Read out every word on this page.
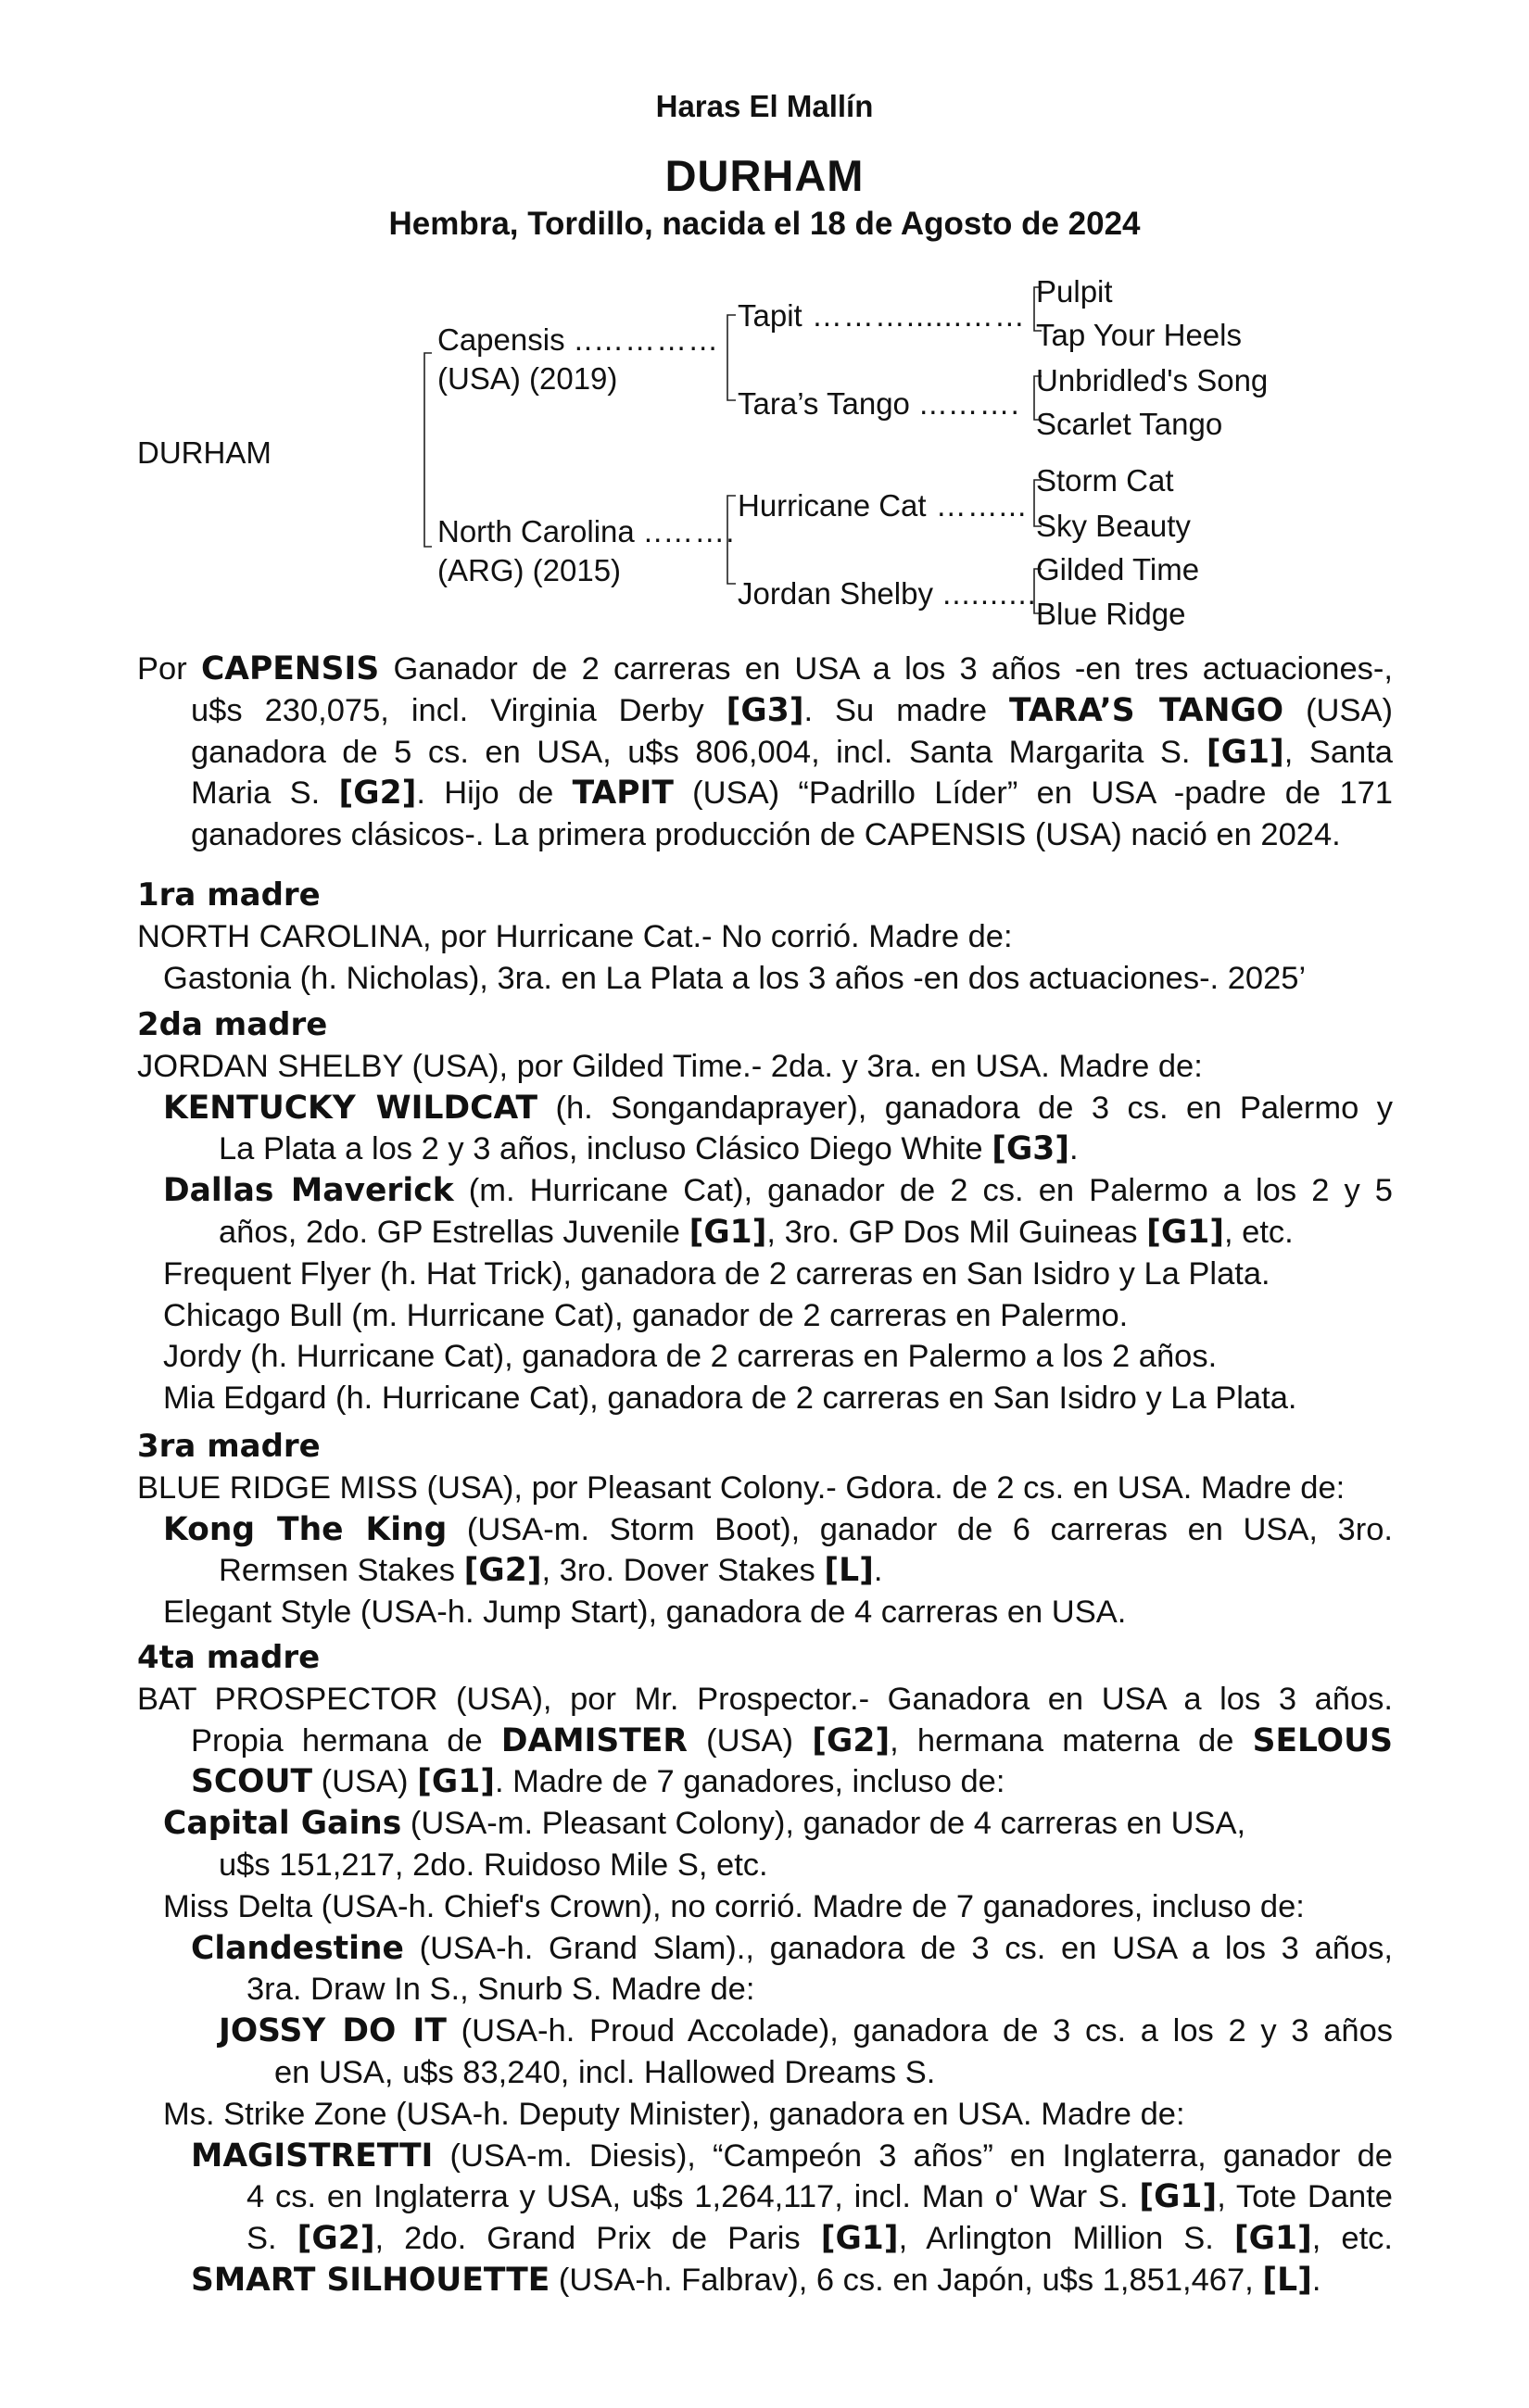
Haras El Mallín
DURHAM
Hembra, Tordillo, nacida el 18 de Agosto de 2024
DURHAM
Capensis ..…………
(USA) (2019)
North Carolina ..…….
(ARG) (2015)
Tapit ………......……
Tara’s Tango ...…….
Hurricane Cat ……...
Jordan Shelby ..........
Pulpit
Tap Your Heels
Unbridled's Song
Scarlet Tango
Storm Cat
Sky Beauty
Gilded Time
Blue Ridge

Por CAPENSIS Ganador de 2 carreras en USA a los 3 años -en tres actuaciones-,

u$s 230,075, incl. Virginia Derby [G3]. Su madre TARA’S TANGO (USA)

ganadora de 5 cs. en USA, u$s 806,004, incl. Santa Margarita S. [G1], Santa

Maria S. [G2]. Hijo de TAPIT (USA) “Padrillo Líder” en USA -padre de 171

ganadores clásicos-. La primera producción de CAPENSIS (USA) nació en 2024.

1ra madre

NORTH CAROLINA, por Hurricane Cat.- No corrió. Madre de:

Gastonia (h. Nicholas), 3ra. en La Plata a los 3 años -en dos actuaciones-. 2025’

2da madre

JORDAN SHELBY (USA), por Gilded Time.- 2da. y 3ra. en USA. Madre de:

KENTUCKY WILDCAT (h. Songandaprayer), ganadora de 3 cs. en Palermo y

La Plata a los 2 y 3 años, incluso Clásico Diego White [G3].

Dallas Maverick (m. Hurricane Cat), ganador de 2 cs. en Palermo a los 2 y 5

años, 2do. GP Estrellas Juvenile [G1], 3ro. GP Dos Mil Guineas [G1], etc.

Frequent Flyer (h. Hat Trick), ganadora de 2 carreras en San Isidro y La Plata.

Chicago Bull (m. Hurricane Cat), ganador de 2 carreras en Palermo.

Jordy (h. Hurricane Cat), ganadora de 2 carreras en Palermo a los 2 años.

Mia Edgard (h. Hurricane Cat), ganadora de 2 carreras en San Isidro y La Plata.

3ra madre

BLUE RIDGE MISS (USA), por Pleasant Colony.- Gdora. de 2 cs. en USA. Madre de:

Kong The King (USA-m. Storm Boot), ganador de 6 carreras en USA, 3ro.

Rermsen Stakes [G2], 3ro. Dover Stakes [L].

Elegant Style (USA-h. Jump Start), ganadora de 4 carreras en USA.

4ta madre

BAT PROSPECTOR (USA), por Mr. Prospector.- Ganadora en USA a los 3 años.

Propia hermana de DAMISTER (USA) [G2], hermana materna de SELOUS

SCOUT (USA) [G1]. Madre de 7 ganadores, incluso de:

Capital Gains (USA-m. Pleasant Colony), ganador de 4 carreras en USA,

u$s 151,217, 2do. Ruidoso Mile S, etc.

Miss Delta (USA-h. Chief's Crown), no corrió. Madre de 7 ganadores, incluso de:

Clandestine (USA-h. Grand Slam)., ganadora de 3 cs. en USA a los 3 años,

3ra. Draw In S., Snurb S. Madre de:

JOSSY DO IT (USA-h. Proud Accolade), ganadora de 3 cs. a los 2 y 3 años

en USA, u$s 83,240, incl. Hallowed Dreams S.

Ms. Strike Zone (USA-h. Deputy Minister), ganadora en USA. Madre de:

MAGISTRETTI (USA-m. Diesis), “Campeón 3 años” en Inglaterra, ganador de

4 cs. en Inglaterra y USA, u$s 1,264,117, incl. Man o' War S. [G1], Tote Dante

S. [G2], 2do. Grand Prix de Paris [G1], Arlington Million S. [G1], etc.

SMART SILHOUETTE (USA-h. Falbrav), 6 cs. en Japón, u$s 1,851,467, [L].
